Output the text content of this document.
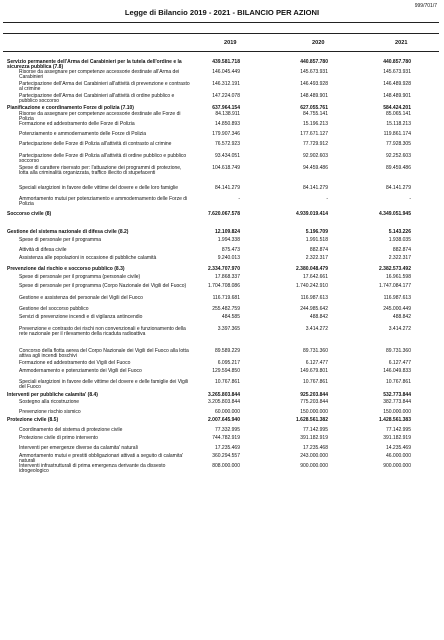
999/701/7
Legge di Bilancio 2019 - 2021 - BILANCIO PER AZIONI
2019	2020	2021
Servizio permanente dell'Arma dei Carabinieri per la tutela dell'ordine e la sicurezza pubblica (7.8)
439.581.718	440.857.780	440.857.780
Risorse da assegnare per competenze accessorie destinate all'Arma dei Carabinieri
146.045.449	145.673.931	145.673.931
Partecipazione dell'Arma dei Carabinieri all'attività di prevenzione e contrasto al crimine
146.312.191	146.493.928	146.489.928
Partecipazione dell'Arma dei Carabinieri all'attività di ordine pubblico e pubblico soccorso
147.224.078	148.489.901	148.489.901
Pianificazione e coordinamento Forze di polizia (7.10)	637.964.154	627.055.761	584.424.201
Risorse da assegnare per competenze accessorie destinate alle Forze di Polizia
84.138.911	84.755.141	85.065.141
Formazione ed addestramento delle Forze di Polizia	14.850.893	15.196.213	15.118.213
Potenziamento e ammodernamento delle Forze di Polizia	179.907.346	177.671.127	119.861.174
Partecipazione delle Forze di Polizia all'attività di contrasto al crimine	76.572.923	77.729.912	77.928.305
Partecipazione delle Forze di Polizia all'attività di ordine pubblico e pubblico soccorso
93.434.051	92.902.603	92.252.603
Spese di carattere riservato per: l'attuazione dei programmi di protezione, lotta alla criminalità organizzata, traffico illecito di stupefacenti
104.618.749	94.459.486	89.459.486
Speciali elargizioni in favore delle vittime del dovere e delle loro famiglie	84.141.279	84.141.279	84.141.279
Ammortamento mutui per potenziamento e ammodernamento delle Forze di Polizia
-	-	-
Soccorso civile (8)	7.620.067.578	4.939.019.414	4.349.051.945
Gestione del sistema nazionale di difesa civile (8.2)	12.109.824	5.196.709	5.143.226
Spese di personale per il programma	1.994.338	1.991.518	1.938.035
Attività di difesa civile	875.473	882.874	882.874
Assistenza alle popolazioni in occasione di pubbliche calamità	9.240.013	2.322.317	2.322.317
Prevenzione dal rischio e soccorso pubblico (8.3)	2.334.707.970	2.380.048.479	2.382.573.492
Spese di personale per il programma (personale civile)	17.868.337	17.642.661	16.961.598
Spese di personale per il programma (Corpo Nazionale dei Vigili del Fuoco)	1.704.708.086	1.740.242.910	1.747.084.177
Gestione e assistenza del personale dei Vigili del Fuoco	116.719.681	116.987.613	116.987.613
Gestione del soccorso pubblico	255.482.759	244.985.642	245.000.449
Servizi di prevenzione incendi e di vigilanza antincendio	484.585	488.842	488.842
Prevenzione e contrasto dei rischi non convenzionali e funzionamento della rete nazionale per il rilevamento della ricaduta radioattiva
3.397.365	3.414.272	3.414.272
Concorso della flotta aerea del Corpo Nazionale dei Vigili del Fuoco alla lotta attiva agli incendi boschivi
89.589.229	89.731.360	89.731.360
Formazione ed addestramento dei Vigili del Fuoco	6.095.217	6.127.477	6.127.477
Ammodernamento e potenziamento dei Vigili del Fuoco	129.594.850	149.679.801	146.049.833
Speciali elargizioni in favore delle vittime del dovere e delle famiglie dei Vigili del Fuoco
10.767.861	10.767.861	10.767.861
Interventi per pubbliche calamita' (8.4)	3.265.803.844	925.203.844	532.773.844
Sostegno alla ricostruzione	3.205.803.844	775.203.844	382.773.844
Prevenzione rischio sismico	60.000.000	150.000.000	150.000.000
Protezione civile (8.5)	2.007.645.940	1.628.561.382	1.428.561.383
Coordinamento del sistema di protezione civile	77.332.995	77.142.995	77.142.995
Protezione civile di primo intervento	744.782.919	391.182.919	391.182.919
Interventi per emergenze diverse da calamita' naturali	17.235.469	17.235.468	14.235.469
Ammortamento mutui e prestiti obbligazionari attivati a seguito di calamita' naturali
360.294.557	243.000.000	46.000.000
Interventi infrastrutturali di prima emergenza derivante da dissesto idrogeologico
808.000.000	900.000.000	900.000.000
